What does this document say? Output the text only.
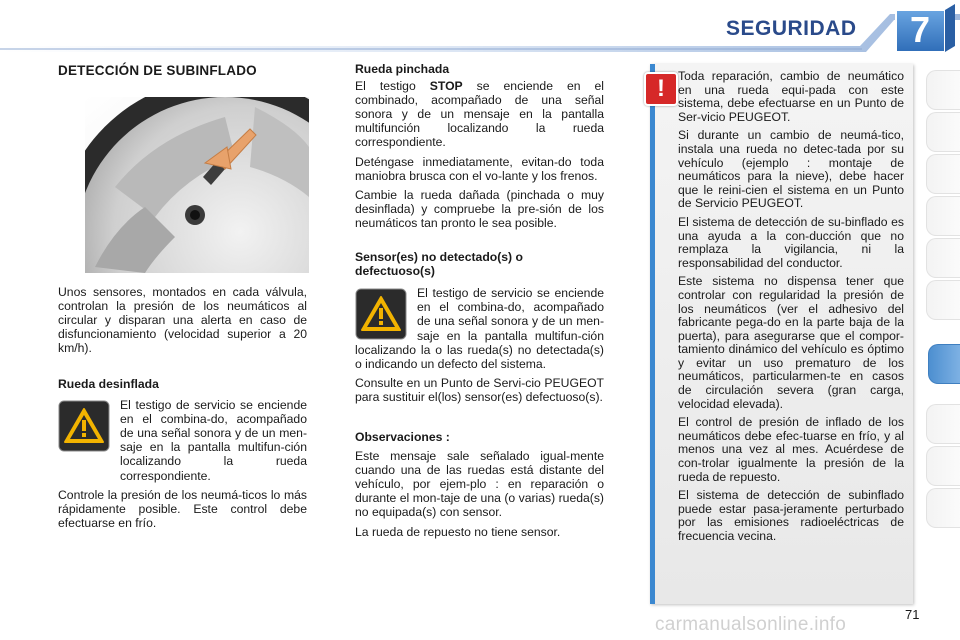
SEGURIDAD 7
DETECCIÓN DE SUBINFLADO

Unos sensores, montados en cada válvula, controlan la presión de los neumáticos al circular y disparan una alerta en caso de disfuncionamiento (velocidad superior a 20 km/h).

Rueda desinflada

El testigo de servicio se enciende en el combina-do, acompañado de una señal sonora y de un men-saje en la pantalla multifun-ción localizando la rueda correspondiente.

Controle la presión de los neumá-ticos lo más rápidamente posible. Este control debe efectuarse en frío.

Rueda pinchada

El testigo STOP se enciende en el combinado, acompañado de una señal sonora y de un mensaje en la pantalla multifunción localizando la rueda correspondiente.

Deténgase inmediatamente, evitan-do toda maniobra brusca con el vo-lante y los frenos.

Cambie la rueda dañada (pinchada o muy desinflada) y compruebe la pre-sión de los neumáticos tan pronto le sea posible.

Sensor(es) no detectado(s) o defectuoso(s)

El testigo de servicio se enciende en el combina-do, acompañado de una señal sonora y de un men-saje en la pantalla multifun-ción localizando la o las rueda(s) no detectada(s) o indicando un defecto del sistema.

Consulte en un Punto de Servi-cio PEUGEOT para sustituir el(los) sensor(es) defectuoso(s).

Observaciones :

Este mensaje sale señalado igual-mente cuando una de las ruedas está distante del vehículo, por ejem-plo : en reparación o durante el mon-taje de una (o varias) rueda(s) no equipada(s) con sensor.

La rueda de repuesto no tiene sensor.

Toda reparación, cambio de neumático en una rueda equi-pada con este sistema, debe efectuarse en un Punto de Ser-vicio PEUGEOT.

Si durante un cambio de neumá-tico, instala una rueda no detec-tada por su vehículo (ejemplo : montaje de neumáticos para la nieve), debe hacer que le reini-cien el sistema en un Punto de Servicio PEUGEOT.

El sistema de detección de su-binflado es una ayuda a la con-ducción que no remplaza la vigilancia, ni la responsabilidad del conductor.

Este sistema no dispensa tener que controlar con regularidad la presión de los neumáticos (ver el adhesivo del fabricante pega-do en la parte baja de la puerta), para asegurarse que el compor-tamiento dinámico del vehículo es óptimo y evitar un uso prematuro de los neumáticos, particularmen-te en casos de circulación severa (gran carga, velocidad elevada).

El control de presión de inflado de los neumáticos debe efec-tuarse en frío, y al menos una vez al mes. Acuérdese de con-trolar igualmente la presión de la rueda de repuesto.

El sistema de detección de subinflado puede estar pasa-jeramente perturbado por las emisiones radioeléctricas de frecuencia vecina.

!
71
carmanualsonline.info
